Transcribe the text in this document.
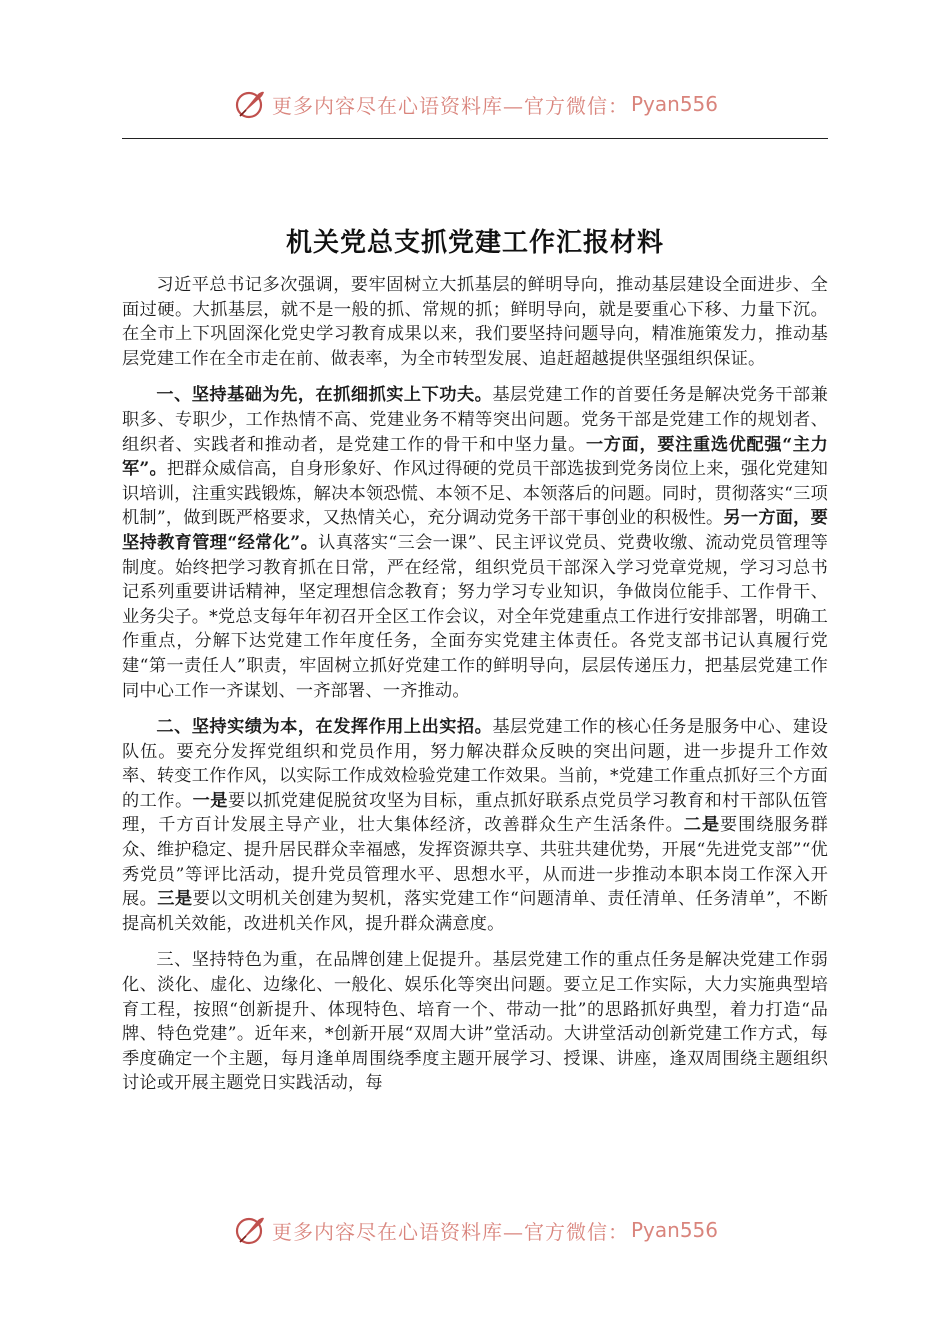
更多内容尽在心语资料库—官方微信： Pyan556
机关党总支抓党建工作汇报材料

习近平总书记多次强调，要牢固树立大抓基层的鲜明导向，推动基层建设全面进步、全面过硬。大抓基层，就不是一般的抓、常规的抓；鲜明导向，就是要重心下移、力量下沉。在全市上下巩固深化党史学习教育成果以来，我们要坚持问题导向，精准施策发力，推动基层党建工作在全市走在前、做表率，为全市转型发展、追赶超越提供坚强组织保证。

一、坚持基础为先，在抓细抓实上下功夫。基层党建工作的首要任务是解决党务干部兼职多、专职少，工作热情不高、党建业务不精等突出问题。党务干部是党建工作的规划者、组织者、实践者和推动者，是党建工作的骨干和中坚力量。一方面，要注重选优配强“主力军”。把群众威信高，自身形象好、作风过得硬的党员干部选拔到党务岗位上来，强化党建知识培训，注重实践锻炼，解决本领恐慌、本领不足、本领落后的问题。同时，贯彻落实“三项机制”，做到既严格要求，又热情关心，充分调动党务干部干事创业的积极性。另一方面，要坚持教育管理“经常化”。认真落实“三会一课”、民主评议党员、党费收缴、流动党员管理等制度。始终把学习教育抓在日常，严在经常，组织党员干部深入学习党章党规，学习习总书记系列重要讲话精神，坚定理想信念教育；努力学习专业知识，争做岗位能手、工作骨干、业务尖子。*党总支每年年初召开全区工作会议，对全年党建重点工作进行安排部署，明确工作重点，分解下达党建工作年度任务，全面夯实党建主体责任。各党支部书记认真履行党建“第一责任人”职责，牢固树立抓好党建工作的鲜明导向，层层传递压力，把基层党建工作同中心工作一齐谋划、一齐部署、一齐推动。

二、坚持实绩为本，在发挥作用上出实招。基层党建工作的核心任务是服务中心、建设队伍。要充分发挥党组织和党员作用，努力解决群众反映的突出问题，进一步提升工作效率、转变工作作风，以实际工作成效检验党建工作效果。当前，*党建工作重点抓好三个方面的工作。一是要以抓党建促脱贫攻坚为目标，重点抓好联系点党员学习教育和村干部队伍管理，千方百计发展主导产业，壮大集体经济，改善群众生产生活条件。二是要围绕服务群众、维护稳定、提升居民群众幸福感，发挥资源共享、共驻共建优势，开展“先进党支部”“优秀党员”等评比活动，提升党员管理水平、思想水平，从而进一步推动本职本岗工作深入开展。三是要以文明机关创建为契机，落实党建工作“问题清单、责任清单、任务清单”，不断提高机关效能，改进机关作风，提升群众满意度。

三、坚持特色为重，在品牌创建上促提升。基层党建工作的重点任务是解决党建工作弱化、淡化、虚化、边缘化、一般化、娱乐化等突出问题。要立足工作实际，大力实施典型培育工程，按照“创新提升、体现特色、培育一个、带动一批”的思路抓好典型，着力打造“品牌、特色党建”。近年来，*创新开展“双周大讲”堂活动。大讲堂活动创新党建工作方式，每季度确定一个主题，每月逢单周围绕季度主题开展学习、授课、讲座，逢双周围绕主题组织讨论或开展主题党日实践活动，每

更多内容尽在心语资料库—官方微信： Pyan556
